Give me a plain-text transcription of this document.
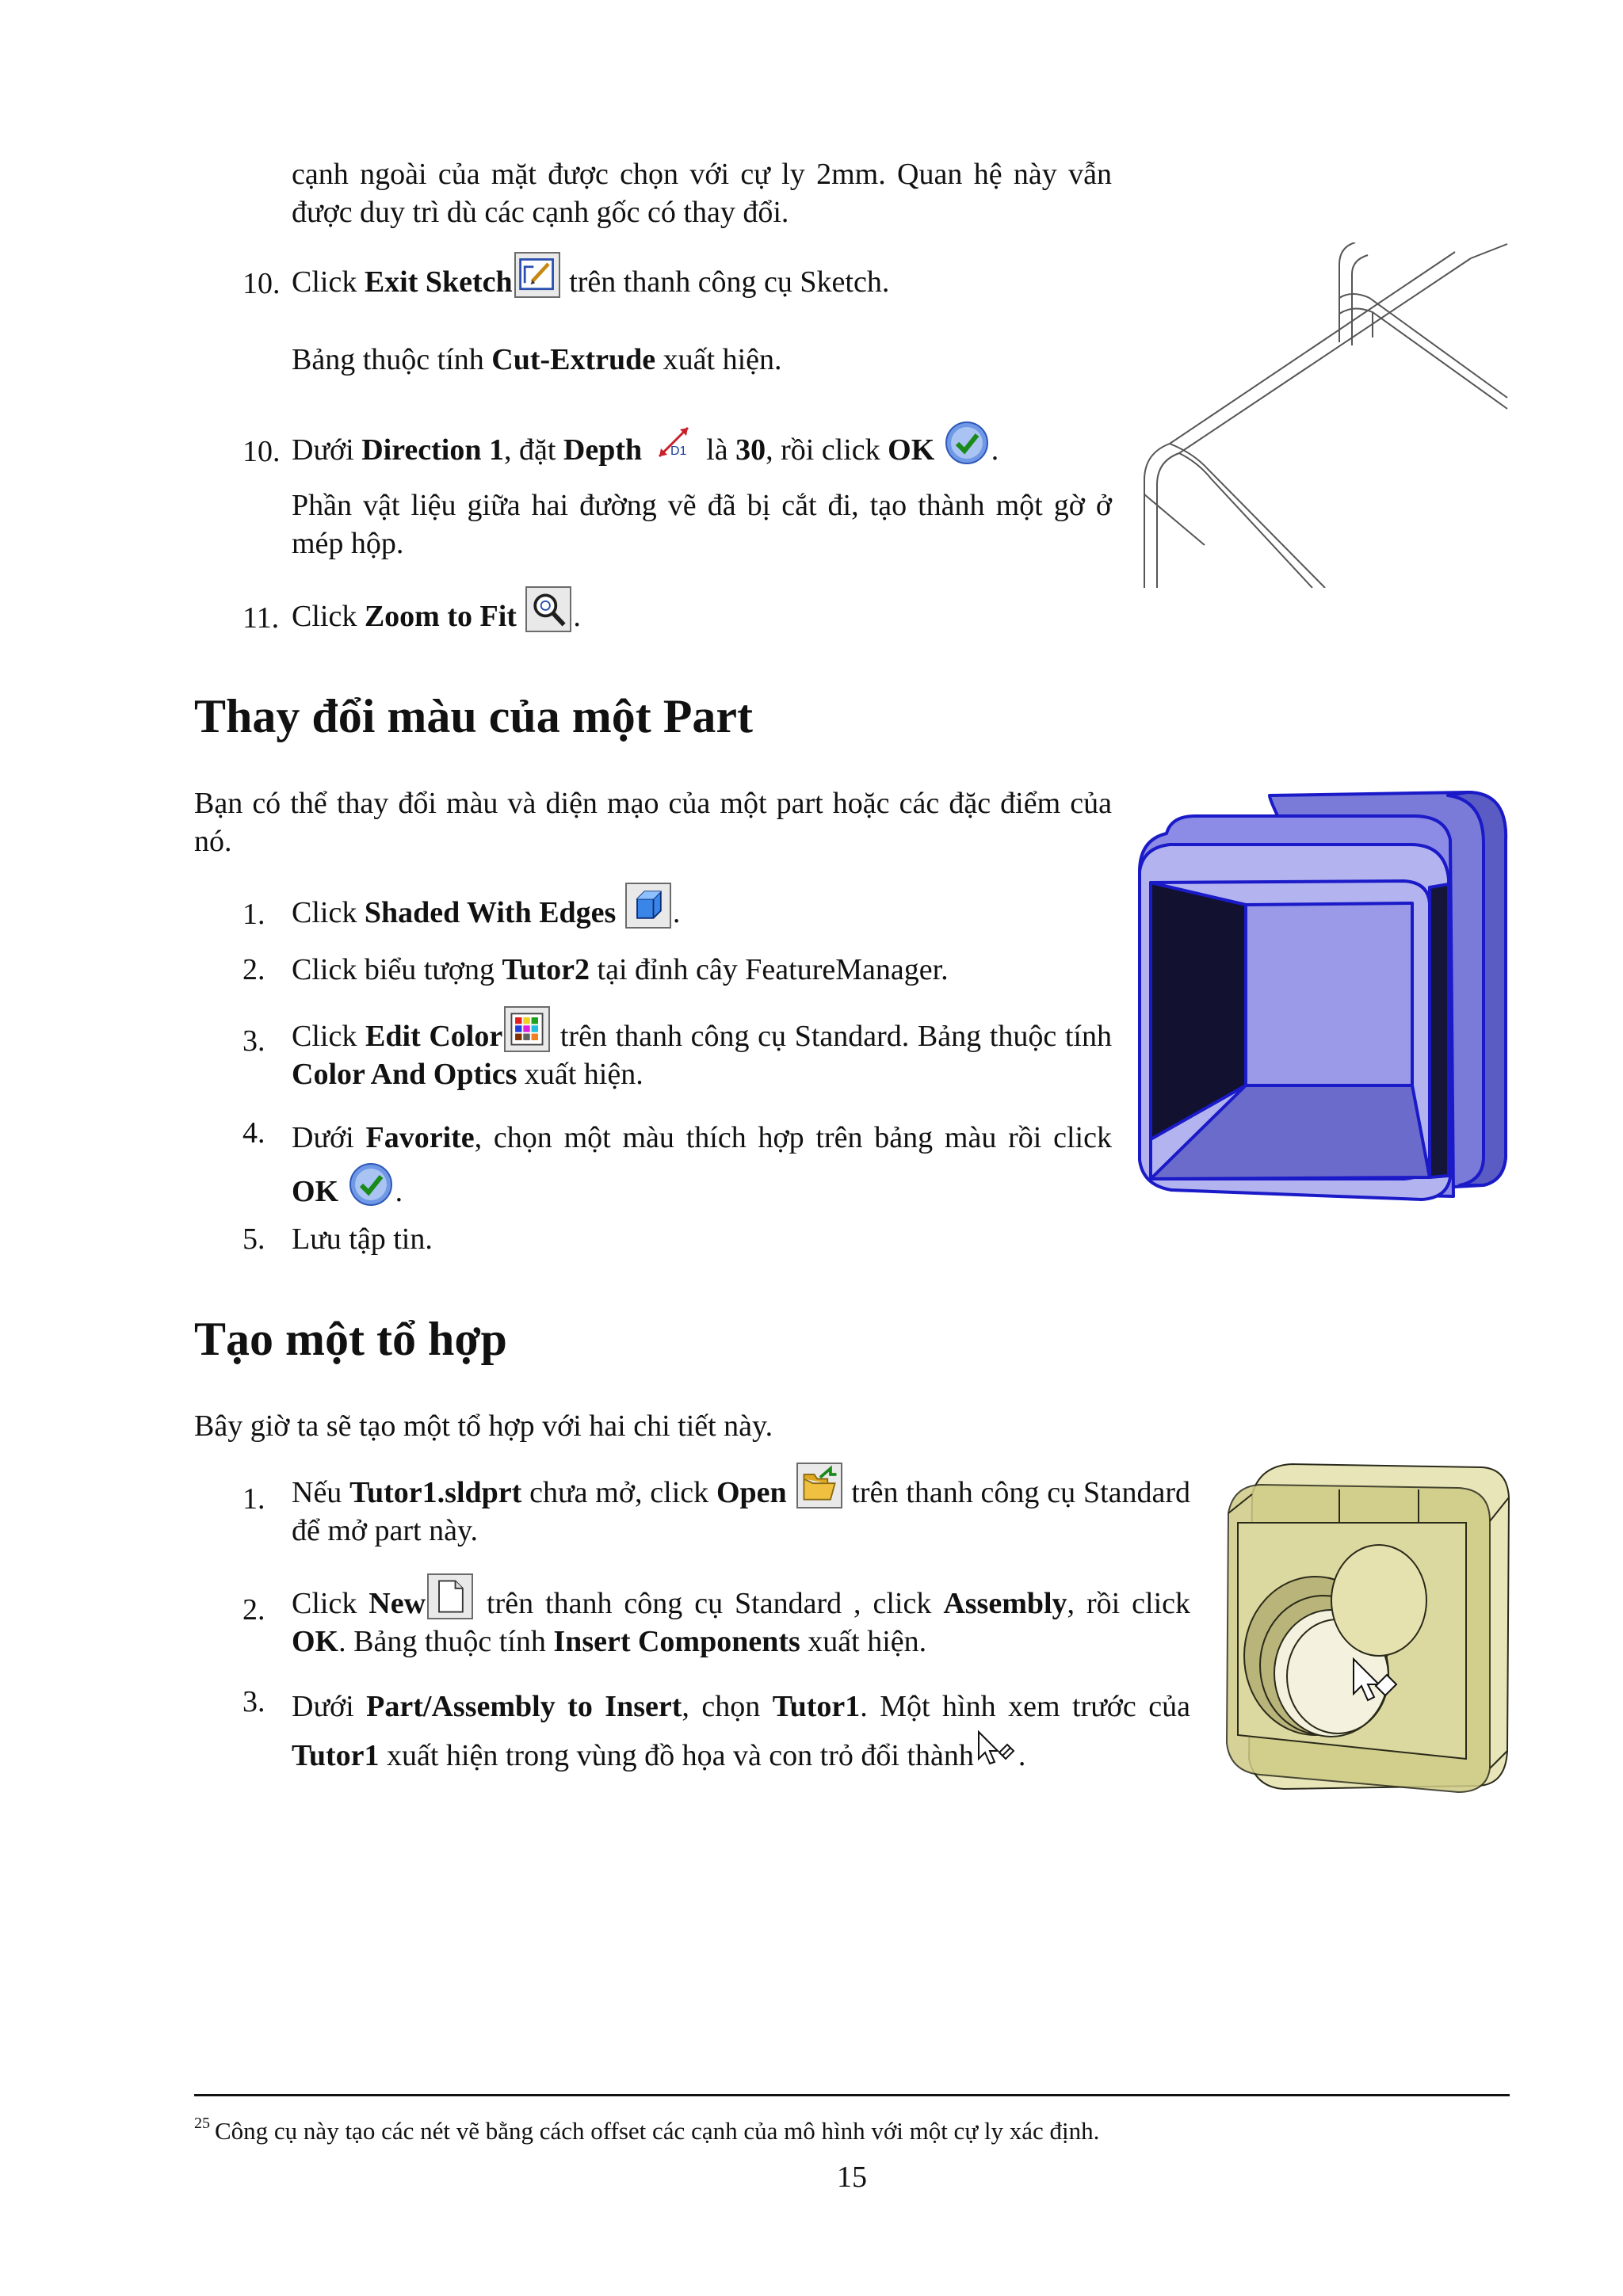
cạnh ngoài của mặt được chọn với cự ly 2mm. Quan hệ này vẫn được duy trì dù các cạnh gốc có thay đổi.
10. Click Exit Sketch
trên thanh công cụ Sketch.
Bảng thuộc tính Cut-Extrude xuất hiện.
10. Dưới Direction 1, đặt Depth D1 là 30, rồi click OK .
Phần vật liệu giữa hai đường vẽ đã bị cắt đi, tạo thành một gờ ở mép hộp.
11. Click Zoom to Fit .
Thay đổi màu của một Part
Bạn có thể thay đổi màu và diện mạo của một part hoặc các đặc điểm của nó.
1. Click Shaded With Edges .
2. Click biểu tượng Tutor2 tại đỉnh cây FeatureManager.
3. Click Edit Color
trên thanh công cụ Standard. Bảng thuộc tính Color And Optics xuất hiện.
4. Dưới Favorite, chọn một màu thích hợp trên bảng màu rồi click OK .
5. Lưu tập tin.
Tạo một tổ hợp
Bây giờ ta sẽ tạo một tổ hợp với hai chi tiết này.
1. Nếu Tutor1.sldprt chưa mở, click Open
trên thanh công cụ Standard để mở part này.
2. Click New
trên thanh công cụ Standard , click Assembly, rồi click OK. Bảng thuộc tính Insert Components xuất hiện.
3. Dưới Part/Assembly to Insert, chọn Tutor1. Một hình xem trước của Tutor1 xuất hiện trong vùng đồ họa và con trỏ đổi thành .
$^{25}$ Công cụ này tạo các nét vẽ bằng cách offset các cạnh của mô hình với một cự ly xác định.
15
